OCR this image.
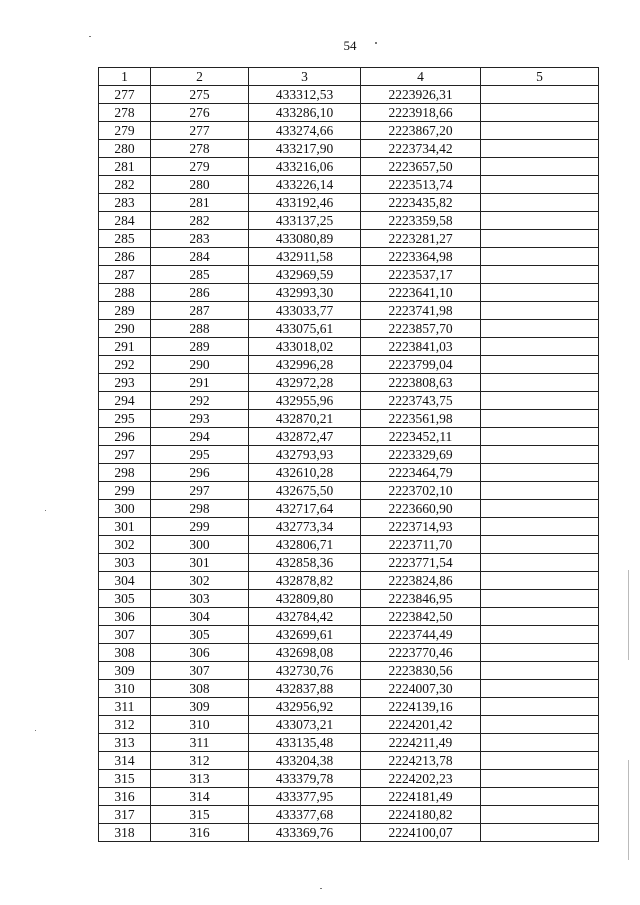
54
1	2	3	4	5
277	275	433312,53	2223926,31	
278	276	433286,10	2223918,66	
279	277	433274,66	2223867,20	
280	278	433217,90	2223734,42	
281	279	433216,06	2223657,50	
282	280	433226,14	2223513,74	
283	281	433192,46	2223435,82	
284	282	433137,25	2223359,58	
285	283	433080,89	2223281,27	
286	284	432911,58	2223364,98	
287	285	432969,59	2223537,17	
288	286	432993,30	2223641,10	
289	287	433033,77	2223741,98	
290	288	433075,61	2223857,70	
291	289	433018,02	2223841,03	
292	290	432996,28	2223799,04	
293	291	432972,28	2223808,63	
294	292	432955,96	2223743,75	
295	293	432870,21	2223561,98	
296	294	432872,47	2223452,11	
297	295	432793,93	2223329,69	
298	296	432610,28	2223464,79	
299	297	432675,50	2223702,10	
300	298	432717,64	2223660,90	
301	299	432773,34	2223714,93	
302	300	432806,71	2223711,70	
303	301	432858,36	2223771,54	
304	302	432878,82	2223824,86	
305	303	432809,80	2223846,95	
306	304	432784,42	2223842,50	
307	305	432699,61	2223744,49	
308	306	432698,08	2223770,46	
309	307	432730,76	2223830,56	
310	308	432837,88	2224007,30	
311	309	432956,92	2224139,16	
312	310	433073,21	2224201,42	
313	311	433135,48	2224211,49	
314	312	433204,38	2224213,78	
315	313	433379,78	2224202,23	
316	314	433377,95	2224181,49	
317	315	433377,68	2224180,82	
318	316	433369,76	2224100,07	
